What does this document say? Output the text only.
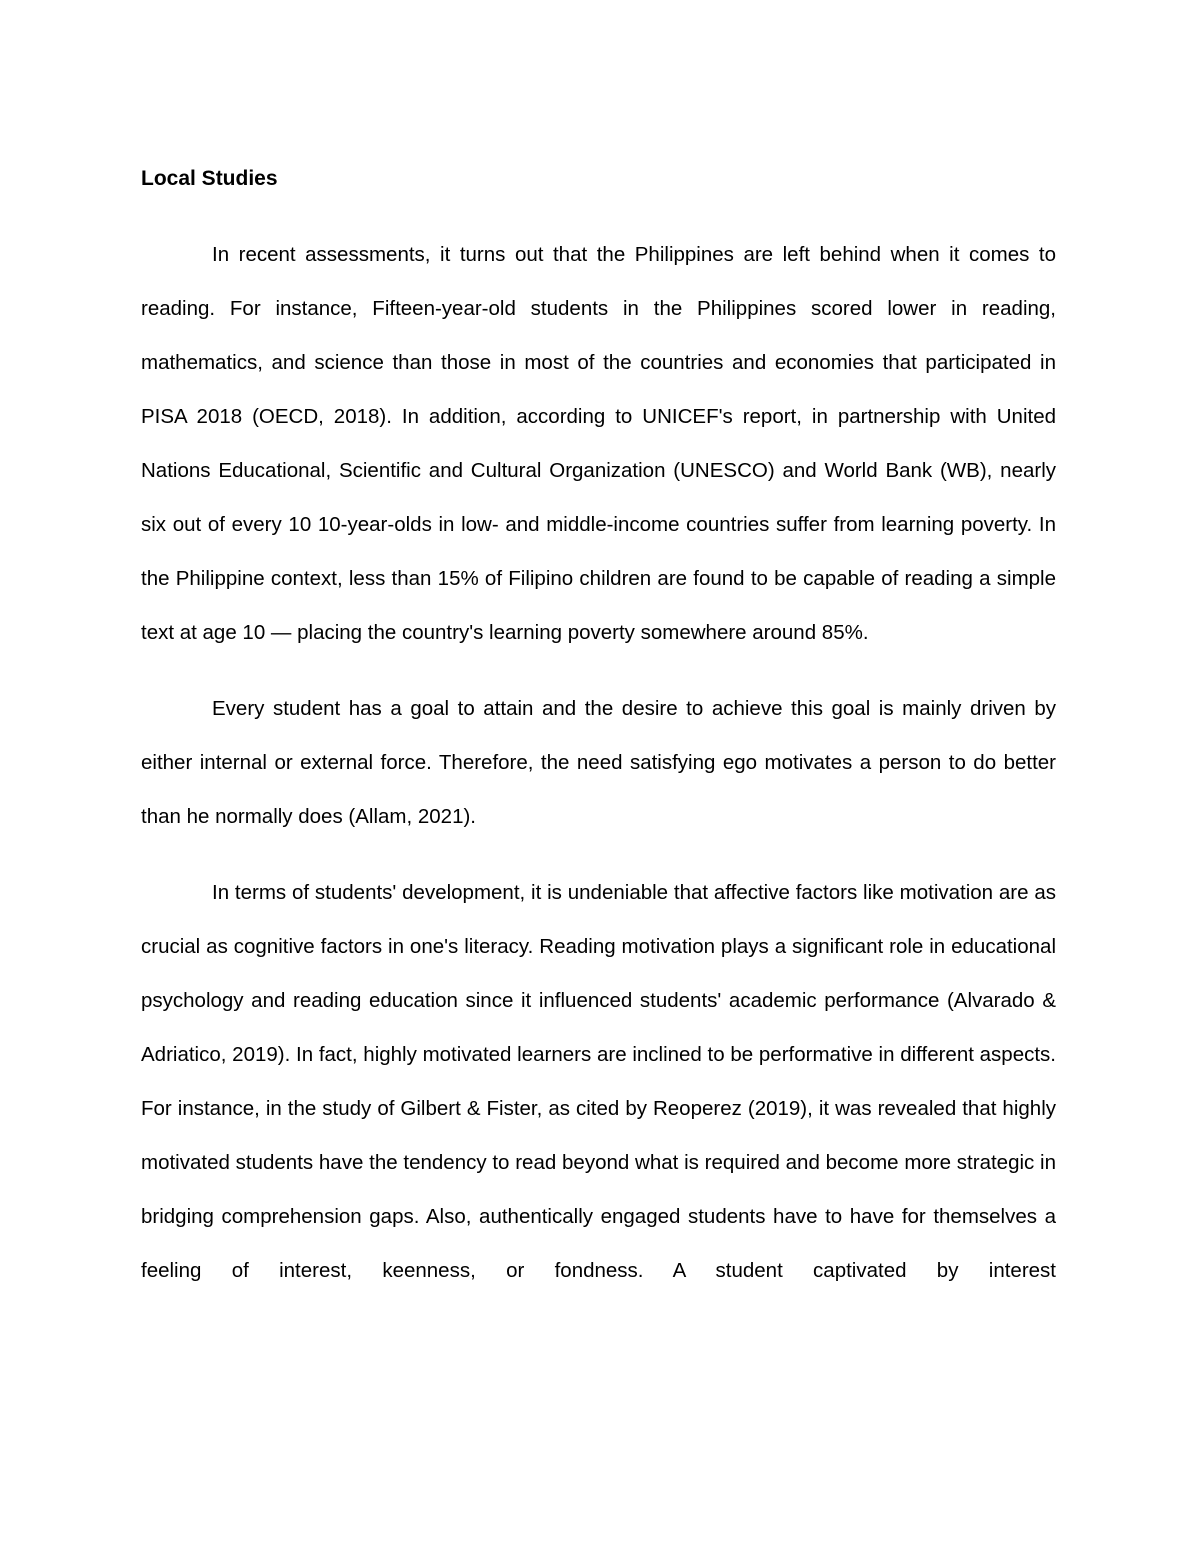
Local Studies

In recent assessments, it turns out that the Philippines are left behind when it comes to reading. For instance, Fifteen-year-old students in the Philippines scored lower in reading, mathematics, and science than those in most of the countries and economies that participated in PISA 2018 (OECD, 2018). In addition, according to UNICEF's report, in partnership with United Nations Educational, Scientific and Cultural Organization (UNESCO) and World Bank (WB), nearly six out of every 10 10-year-olds in low- and middle-income countries suffer from learning poverty. In the Philippine context, less than 15% of Filipino children are found to be capable of reading a simple text at age 10 — placing the country's learning poverty somewhere around 85%.

Every student has a goal to attain and the desire to achieve this goal is mainly driven by either internal or external force. Therefore, the need satisfying ego motivates a person to do better than he normally does (Allam, 2021).

In terms of students' development, it is undeniable that affective factors like motivation are as crucial as cognitive factors in one's literacy. Reading motivation plays a significant role in educational psychology and reading education since it influenced students' academic performance (Alvarado & Adriatico, 2019). In fact, highly motivated learners are inclined to be performative in different aspects. For instance, in the study of Gilbert & Fister, as cited by Reoperez (2019), it was revealed that highly motivated students have the tendency to read beyond what is required and become more strategic in bridging comprehension gaps. Also, authentically engaged students have to have for themselves a feeling of interest, keenness, or fondness. A student captivated by interest
